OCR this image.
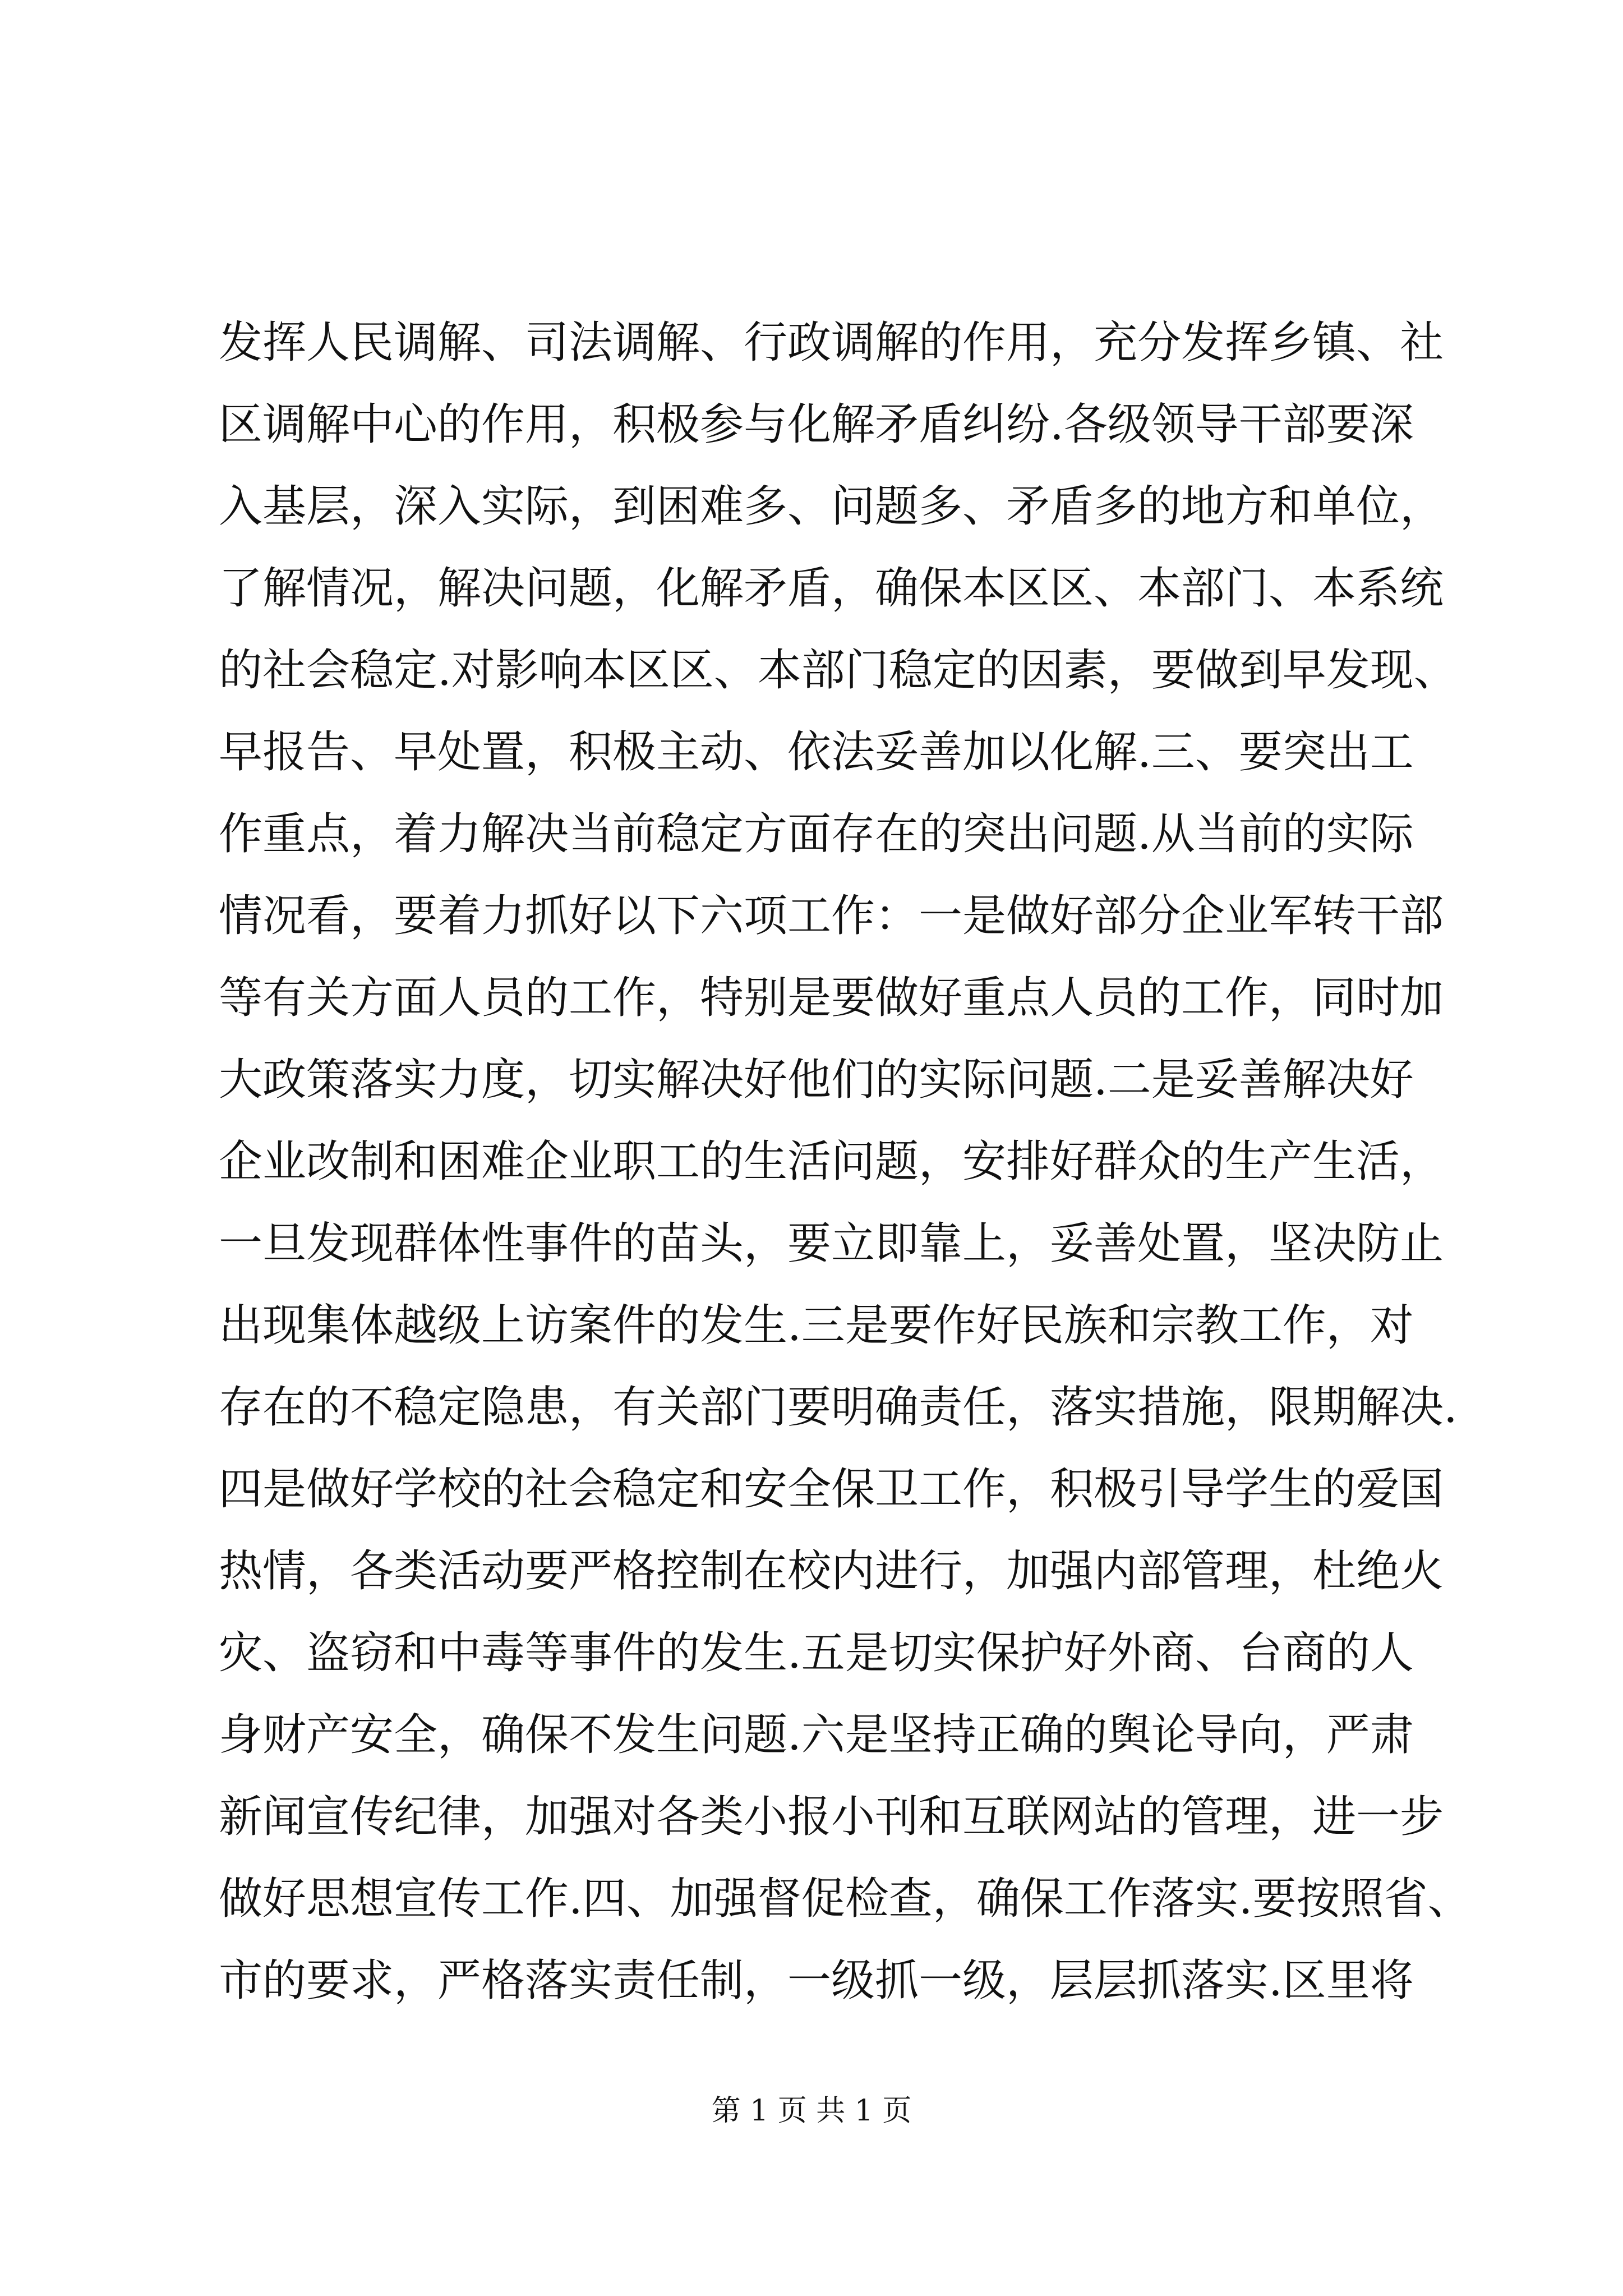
发挥人民调解、司法调解、行政调解的作用，充分发挥乡镇、社
区调解中心的作用，积极参与化解矛盾纠纷.各级领导干部要深
入基层，深入实际，到困难多、问题多、矛盾多的地方和单位，
了解情况，解决问题，化解矛盾，确保本区区、本部门、本系统
的社会稳定.对影响本区区、本部门稳定的因素，要做到早发现、
早报告、早处置，积极主动、依法妥善加以化解.三、要突出工
作重点，着力解决当前稳定方面存在的突出问题.从当前的实际
情况看，要着力抓好以下六项工作：一是做好部分企业军转干部
等有关方面人员的工作，特别是要做好重点人员的工作，同时加
大政策落实力度，切实解决好他们的实际问题.二是妥善解决好
企业改制和困难企业职工的生活问题，安排好群众的生产生活，
一旦发现群体性事件的苗头，要立即靠上，妥善处置，坚决防止
出现集体越级上访案件的发生.三是要作好民族和宗教工作，对
存在的不稳定隐患，有关部门要明确责任，落实措施，限期解决.
四是做好学校的社会稳定和安全保卫工作，积极引导学生的爱国
热情，各类活动要严格控制在校内进行，加强内部管理，杜绝火
灾、盗窃和中毒等事件的发生.五是切实保护好外商、台商的人
身财产安全，确保不发生问题.六是坚持正确的舆论导向，严肃
新闻宣传纪律，加强对各类小报小刊和互联网站的管理，进一步
做好思想宣传工作.四、加强督促检查，确保工作落实.要按照省、
市的要求，严格落实责任制，一级抓一级，层层抓落实.区里将
第 1 页 共 1 页
